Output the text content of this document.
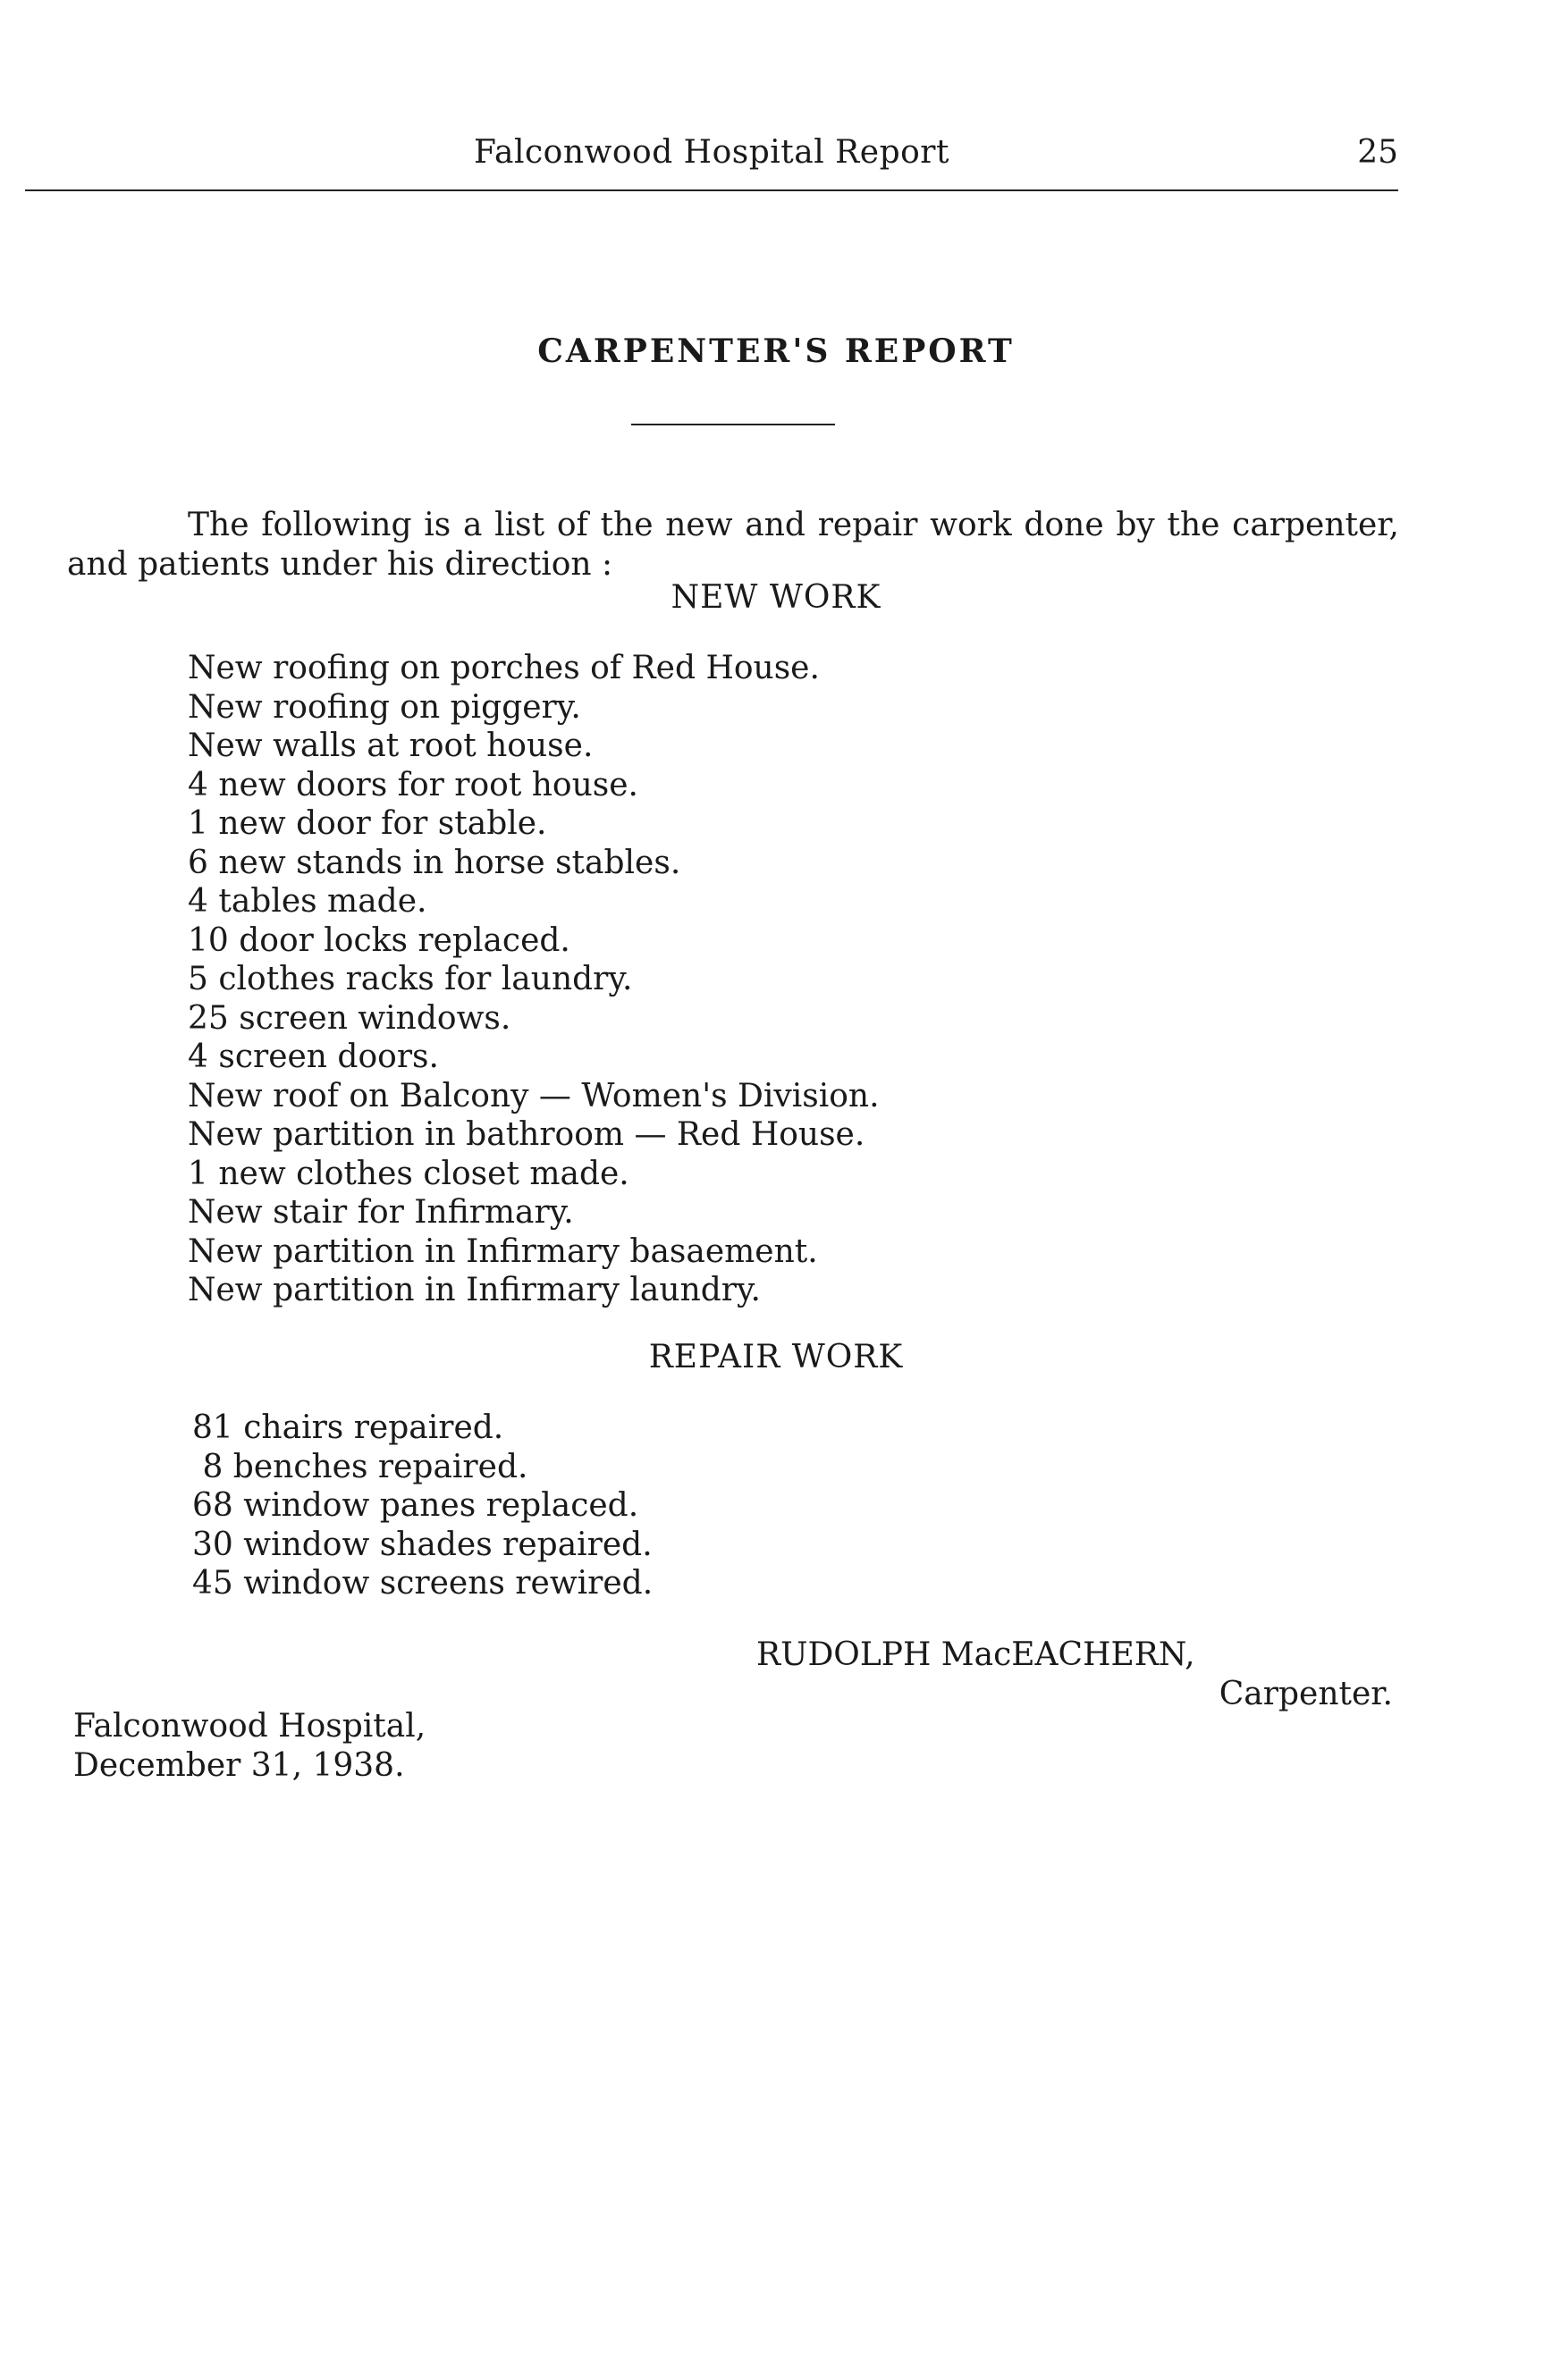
Falconwood Hospital Report	25
CARPENTER'S REPORT

The following is a list of the new and repair work done by the carpenter, and patients under his direction :

NEW WORK
New roofing on porches of Red House.
New roofing on piggery.
New walls at root house.
4 new doors for root house.
1 new door for stable.
6 new stands in horse stables.
4 tables made.
10 door locks replaced.
5 clothes racks for laundry.
25 screen windows.
4 screen doors.
New roof on Balcony — Women's Division.
New partition in bathroom — Red House.
1 new clothes closet made.
New stair for Infirmary.
New partition in Infirmary basaement.
New partition in Infirmary laundry.
REPAIR WORK
81 chairs repaired.
8 benches repaired.
68 window panes replaced.
30 window shades repaired.
45 window screens rewired.
RUDOLPH MacEACHERN,
Carpenter.
Falconwood Hospital,
December 31, 1938.
